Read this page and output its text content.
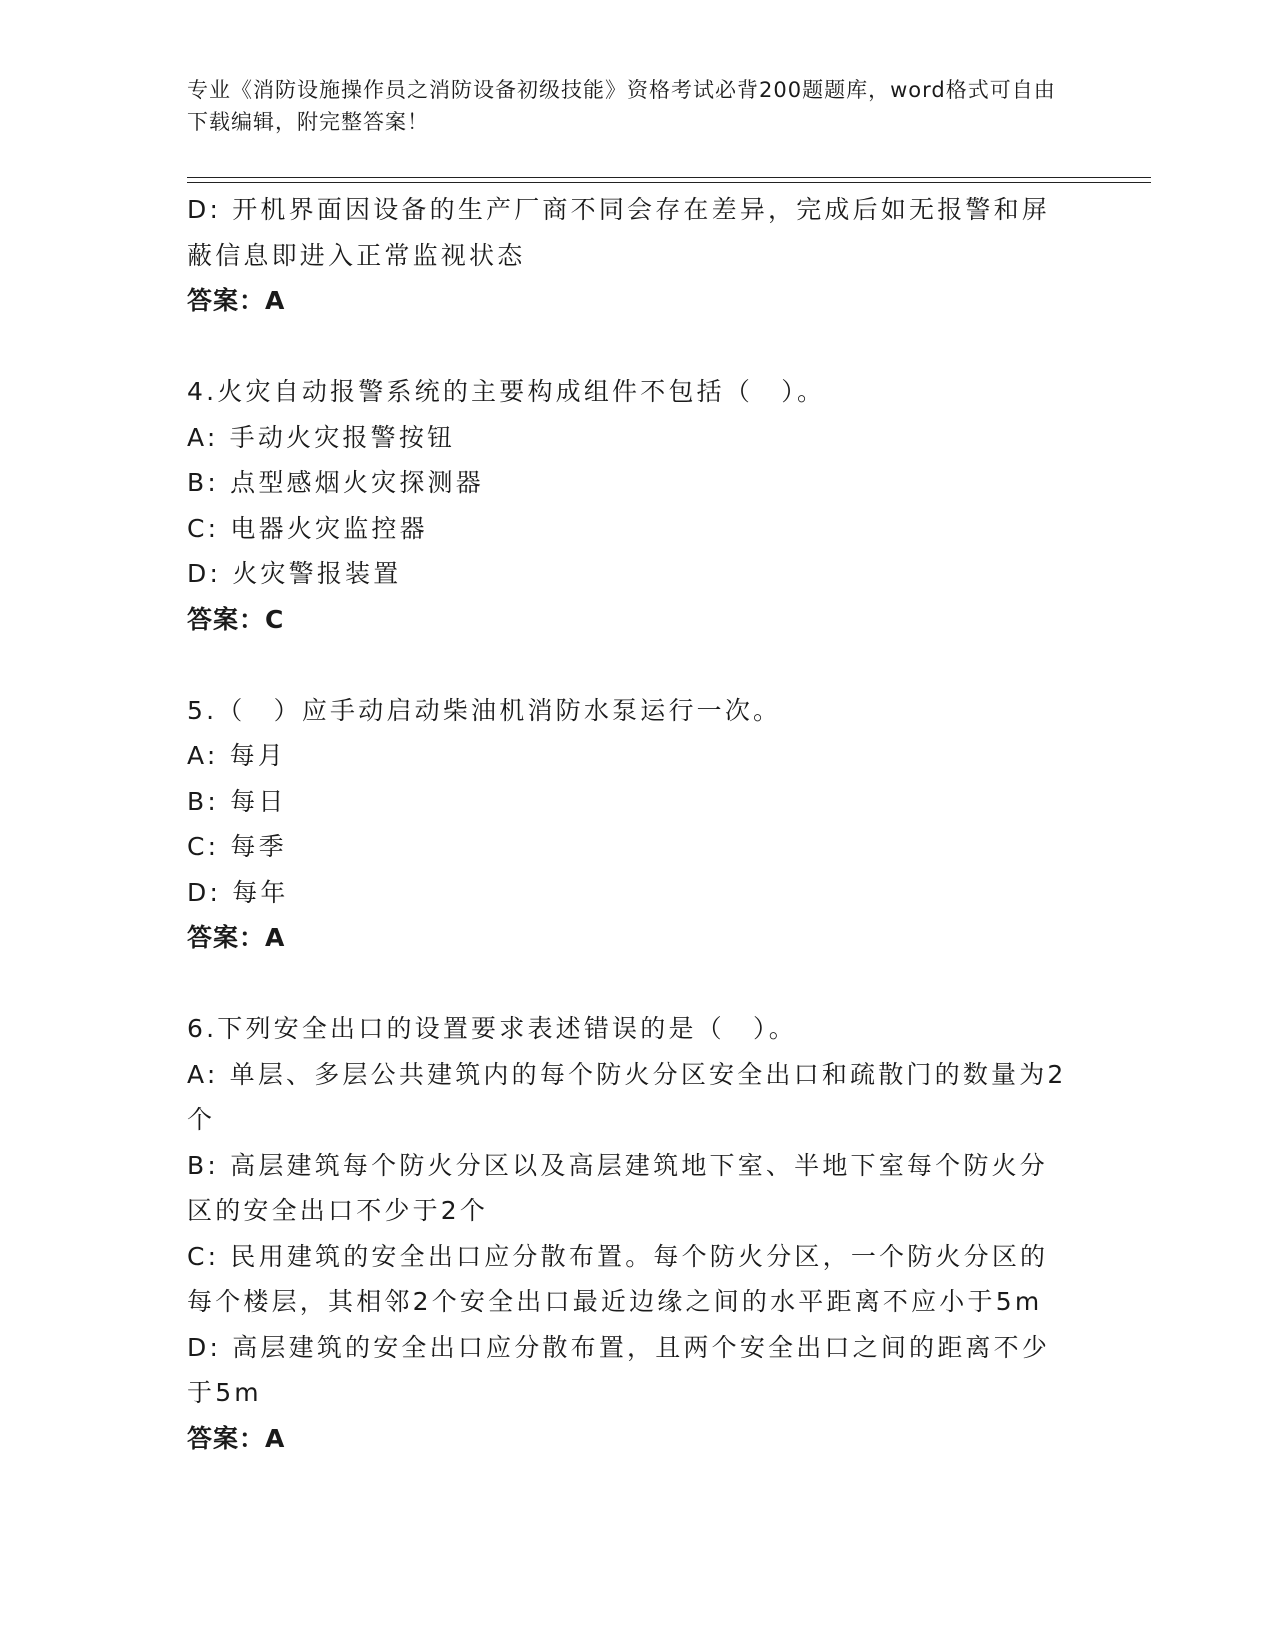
专业《消防设施操作员之消防设备初级技能》资格考试必背200题题库，word格式可自由下载编辑，附完整答案！

D: 开机界面因设备的生产厂商不同会存在差异，完成后如无报警和屏蔽信息即进入正常监视状态

答案：A

4.火灾自动报警系统的主要构成组件不包括（　）。

A: 手动火灾报警按钮

B: 点型感烟火灾探测器

C: 电器火灾监控器

D: 火灾警报装置

答案：C

5.（　）应手动启动柴油机消防水泵运行一次。

A: 每月

B: 每日

C: 每季

D: 每年

答案：A

6.下列安全出口的设置要求表述错误的是（　）。

A: 单层、多层公共建筑内的每个防火分区安全出口和疏散门的数量为2个

B: 高层建筑每个防火分区以及高层建筑地下室、半地下室每个防火分区的安全出口不少于2个

C: 民用建筑的安全出口应分散布置。每个防火分区，一个防火分区的每个楼层，其相邻2个安全出口最近边缘之间的水平距离不应小于5m

D: 高层建筑的安全出口应分散布置，且两个安全出口之间的距离不少于5m

答案：A
